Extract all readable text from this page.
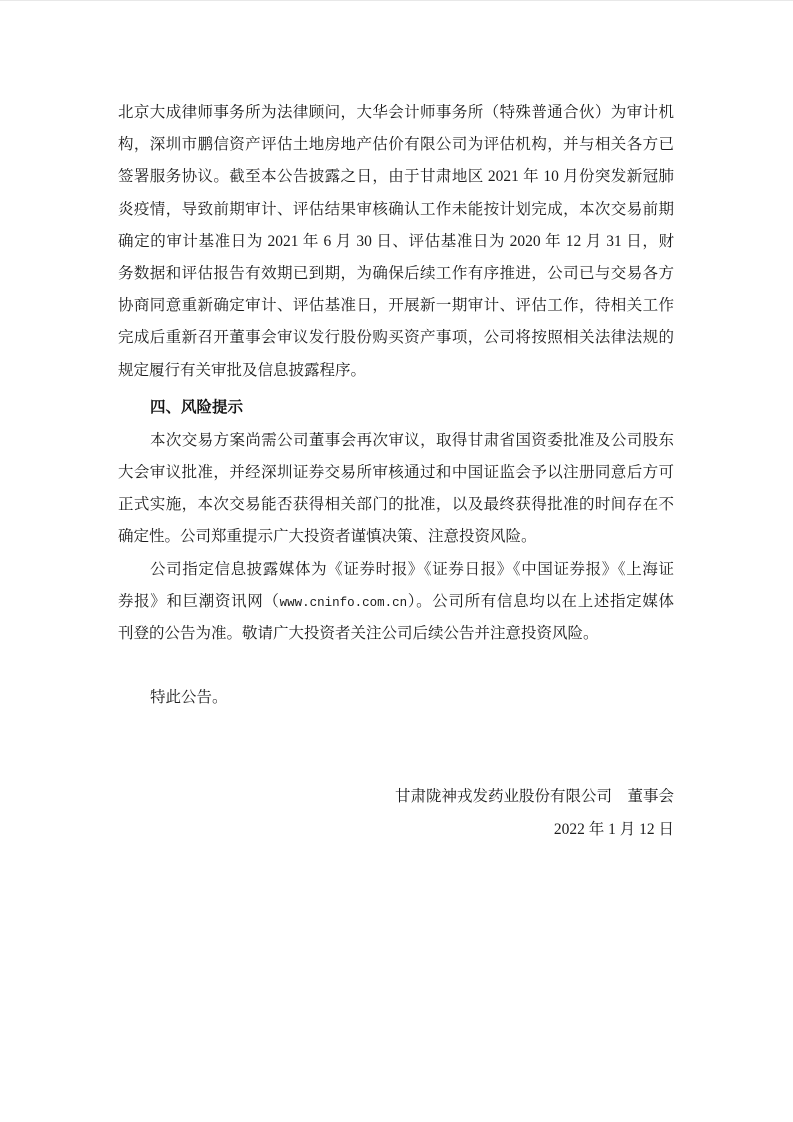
北京大成律师事务所为法律顾问，大华会计师事务所（特殊普通合伙）为审计机
构，深圳市鹏信资产评估土地房地产估价有限公司为评估机构，并与相关各方已
签署服务协议。截至本公告披露之日，由于甘肃地区 2021 年 10 月份突发新冠肺
炎疫情，导致前期审计、评估结果审核确认工作未能按计划完成，本次交易前期
确定的审计基准日为 2021 年 6 月 30 日、评估基准日为 2020 年 12 月 31 日，财
务数据和评估报告有效期已到期，为确保后续工作有序推进，公司已与交易各方
协商同意重新确定审计、评估基准日，开展新一期审计、评估工作，待相关工作
完成后重新召开董事会审议发行股份购买资产事项，公司将按照相关法律法规的
规定履行有关审批及信息披露程序。
四、风险提示
本次交易方案尚需公司董事会再次审议，取得甘肃省国资委批准及公司股东
大会审议批准，并经深圳证券交易所审核通过和中国证监会予以注册同意后方可
正式实施，本次交易能否获得相关部门的批准，以及最终获得批准的时间存在不
确定性。公司郑重提示广大投资者谨慎决策、注意投资风险。
公司指定信息披露媒体为《证券时报》《证券日报》《中国证券报》《上海证
券报》和巨潮资讯网（www.cninfo.com.cn）。公司所有信息均以在上述指定媒体
刊登的公告为准。敬请广大投资者关注公司后续公告并注意投资风险。
特此公告。
甘肃陇神戎发药业股份有限公司　董事会
2022 年 1 月 12 日
